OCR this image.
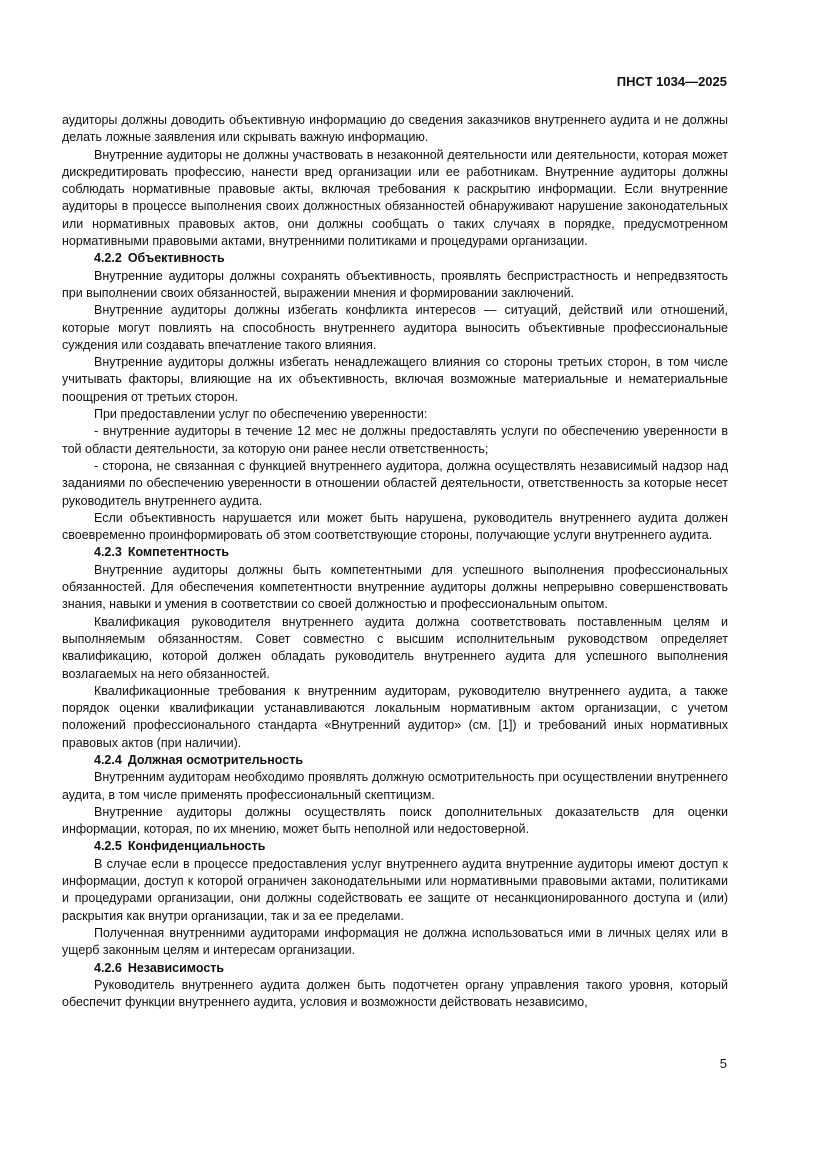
ПНСТ 1034—2025

аудиторы должны доводить объективную информацию до сведения заказчиков внутреннего аудита и не должны делать ложные заявления или скрывать важную информацию.

Внутренние аудиторы не должны участвовать в незаконной деятельности или деятельности, которая может дискредитировать профессию, нанести вред организации или ее работникам. Внутренние аудиторы должны соблюдать нормативные правовые акты, включая требования к раскрытию информации. Если внутренние аудиторы в процессе выполнения своих должностных обязанностей обнаруживают нарушение законодательных или нормативных правовых актов, они должны сообщать о таких случаях в порядке, предусмотренном нормативными правовыми актами, внутренними политиками и процедурами организации.

4.2.2 Объективность

Внутренние аудиторы должны сохранять объективность, проявлять беспристрастность и непредвзятость при выполнении своих обязанностей, выражении мнения и формировании заключений.

Внутренние аудиторы должны избегать конфликта интересов — ситуаций, действий или отношений, которые могут повлиять на способность внутреннего аудитора выносить объективные профессиональные суждения или создавать впечатление такого влияния.

Внутренние аудиторы должны избегать ненадлежащего влияния со стороны третьих сторон, в том числе учитывать факторы, влияющие на их объективность, включая возможные материальные и нематериальные поощрения от третьих сторон.

При предоставлении услуг по обеспечению уверенности:

- внутренние аудиторы в течение 12 мес не должны предоставлять услуги по обеспечению уверенности в той области деятельности, за которую они ранее несли ответственность;

- сторона, не связанная с функцией внутреннего аудитора, должна осуществлять независимый надзор над заданиями по обеспечению уверенности в отношении областей деятельности, ответственность за которые несет руководитель внутреннего аудита.

Если объективность нарушается или может быть нарушена, руководитель внутреннего аудита должен своевременно проинформировать об этом соответствующие стороны, получающие услуги внутреннего аудита.

4.2.3 Компетентность

Внутренние аудиторы должны быть компетентными для успешного выполнения профессиональных обязанностей. Для обеспечения компетентности внутренние аудиторы должны непрерывно совершенствовать знания, навыки и умения в соответствии со своей должностью и профессиональным опытом.

Квалификация руководителя внутреннего аудита должна соответствовать поставленным целям и выполняемым обязанностям. Совет совместно с высшим исполнительным руководством определяет квалификацию, которой должен обладать руководитель внутреннего аудита для успешного выполнения возлагаемых на него обязанностей.

Квалификационные требования к внутренним аудиторам, руководителю внутреннего аудита, а также порядок оценки квалификации устанавливаются локальным нормативным актом организации, с учетом положений профессионального стандарта «Внутренний аудитор» (см. [1]) и требований иных нормативных правовых актов (при наличии).

4.2.4 Должная осмотрительность

Внутренним аудиторам необходимо проявлять должную осмотрительность при осуществлении внутреннего аудита, в том числе применять профессиональный скептицизм.

Внутренние аудиторы должны осуществлять поиск дополнительных доказательств для оценки информации, которая, по их мнению, может быть неполной или недостоверной.

4.2.5 Конфиденциальность

В случае если в процессе предоставления услуг внутреннего аудита внутренние аудиторы имеют доступ к информации, доступ к которой ограничен законодательными или нормативными правовыми актами, политиками и процедурами организации, они должны содействовать ее защите от несанкционированного доступа и (или) раскрытия как внутри организации, так и за ее пределами.

Полученная внутренними аудиторами информация не должна использоваться ими в личных целях или в ущерб законным целям и интересам организации.

4.2.6 Независимость

Руководитель внутреннего аудита должен быть подотчетен органу управления такого уровня, который обеспечит функции внутреннего аудита, условия и возможности действовать независимо,

5
